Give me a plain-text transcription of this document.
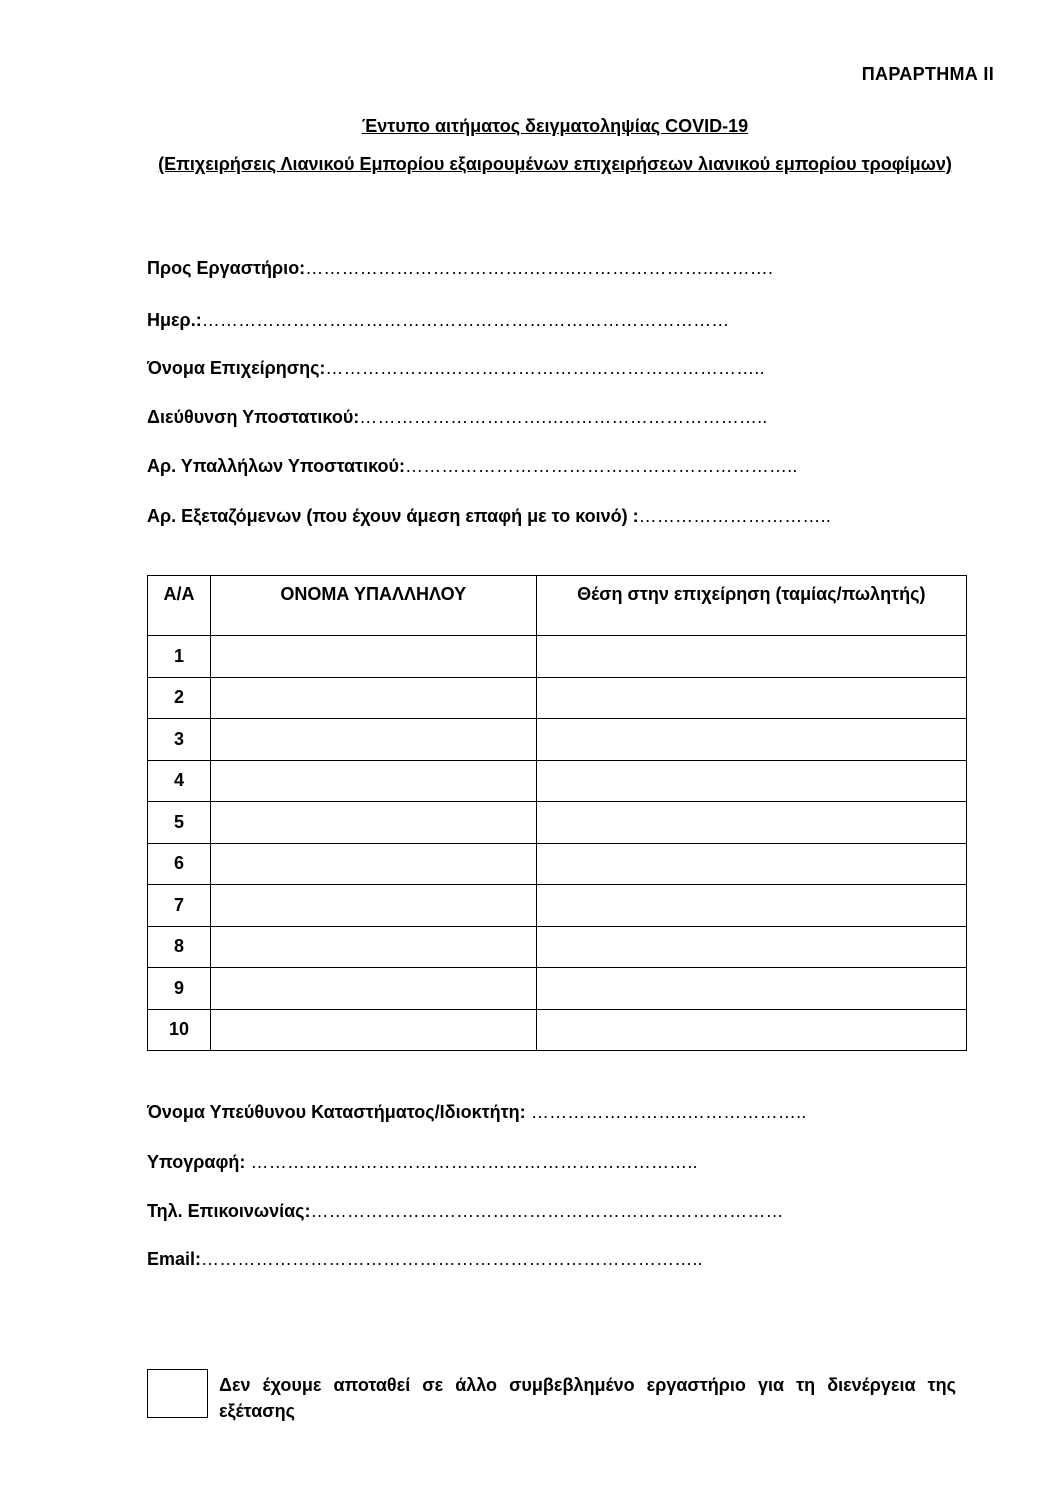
ΠΑΡΑΡΤΗΜΑ ΙΙ
Έντυπο αιτήματος δειγματοληψίας COVID-19
(Επιχειρήσεις Λιανικού Εμπορίου εξαιρουμένων επιχειρήσεων λιανικού εμπορίου τροφίμων)
Προς Εργαστήριο:……………………………….……..…………………..……….
Ημερ.:……………………………………………………………………………
Όνομα Επιχείρησης:………………..……………………………………………..
Διεύθυνση Υποστατικού:………………………….…..…………………………..
Αρ. Υπαλλήλων Υποστατικού:………………………………………………………..
Αρ. Εξεταζόμενων (που έχουν άμεση επαφή με το κοινό) :…………………………..
Α/Α	ΟΝΟΜΑ ΥΠΑΛΛΗΛΟΥ	Θέση στην επιχείρηση (ταμίας/πωλητής)
1		
2		
3		
4		
5		
6		
7		
8		
9		
10		
Όνομα Υπεύθυνου Καταστήματος/Ιδιοκτήτη: ……………………..………………..
Υπογραφή: ………………………………………………………………..
Τηλ. Επικοινωνίας:……………………………………………………………………
Email:………………………………………………………………………..
Δεν έχουμε αποταθεί σε άλλο συμβεβλημένο εργαστήριο για τη διενέργεια της εξέτασης
